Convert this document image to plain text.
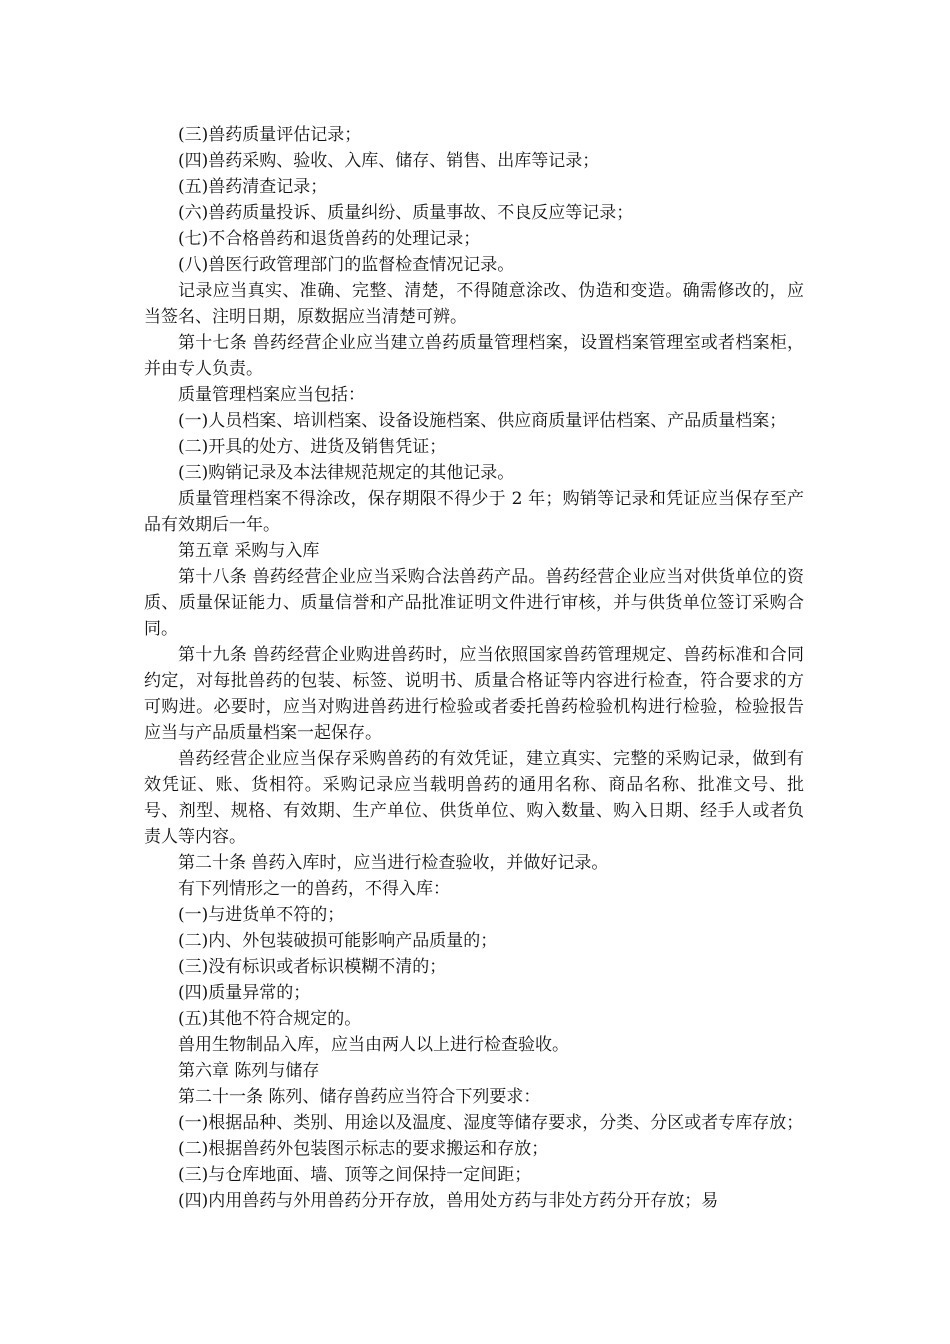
(三)兽药质量评估记录；

(四)兽药采购、验收、入库、储存、销售、出库等记录；

(五)兽药清查记录；

(六)兽药质量投诉、质量纠纷、质量事故、不良反应等记录；

(七)不合格兽药和退货兽药的处理记录；

(八)兽医行政管理部门的监督检查情况记录。

记录应当真实、准确、完整、清楚，不得随意涂改、伪造和变造。确需修改的，应当签名、注明日期，原数据应当清楚可辨。

第十七条 兽药经营企业应当建立兽药质量管理档案，设置档案管理室或者档案柜，并由专人负责。

质量管理档案应当包括：

(一)人员档案、培训档案、设备设施档案、供应商质量评估档案、产品质量档案；

(二)开具的处方、进货及销售凭证；

(三)购销记录及本法律规范规定的其他记录。

质量管理档案不得涂改，保存期限不得少于 2 年；购销等记录和凭证应当保存至产品有效期后一年。

第五章 采购与入库

第十八条 兽药经营企业应当采购合法兽药产品。兽药经营企业应当对供货单位的资质、质量保证能力、质量信誉和产品批准证明文件进行审核，并与供货单位签订采购合同。

第十九条 兽药经营企业购进兽药时，应当依照国家兽药管理规定、兽药标准和合同约定，对每批兽药的包装、标签、说明书、质量合格证等内容进行检查，符合要求的方可购进。必要时，应当对购进兽药进行检验或者委托兽药检验机构进行检验，检验报告应当与产品质量档案一起保存。

兽药经营企业应当保存采购兽药的有效凭证，建立真实、完整的采购记录，做到有效凭证、账、货相符。采购记录应当载明兽药的通用名称、商品名称、批准文号、批号、剂型、规格、有效期、生产单位、供货单位、购入数量、购入日期、经手人或者负责人等内容。

第二十条 兽药入库时，应当进行检查验收，并做好记录。

有下列情形之一的兽药，不得入库：

(一)与进货单不符的；

(二)内、外包装破损可能影响产品质量的；

(三)没有标识或者标识模糊不清的；

(四)质量异常的；

(五)其他不符合规定的。

兽用生物制品入库，应当由两人以上进行检查验收。

第六章 陈列与储存

第二十一条 陈列、储存兽药应当符合下列要求：

(一)根据品种、类别、用途以及温度、湿度等储存要求，分类、分区或者专库存放；

(二)根据兽药外包装图示标志的要求搬运和存放；

(三)与仓库地面、墙、顶等之间保持一定间距；

(四)内用兽药与外用兽药分开存放，兽用处方药与非处方药分开存放；易
